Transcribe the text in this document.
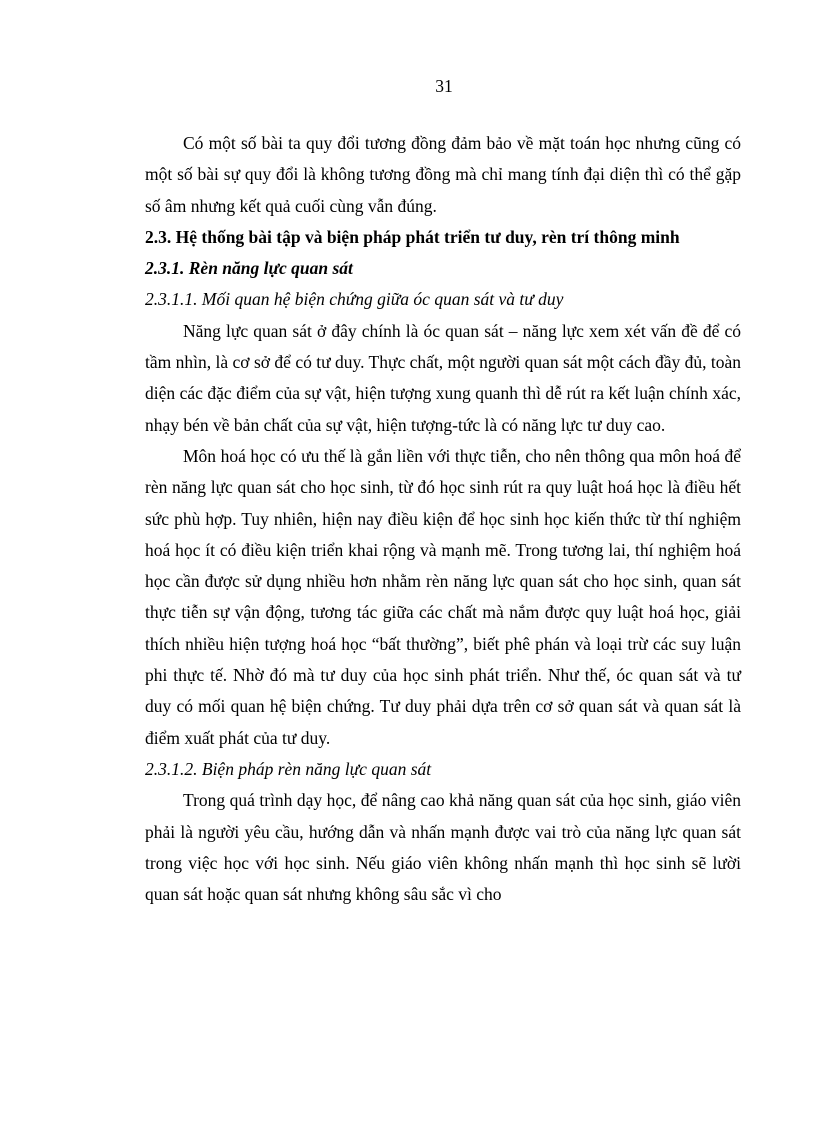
31

Có một số bài ta quy đổi tương đồng đảm bảo về mặt toán học nhưng cũng có một số bài sự quy đổi là không tương đồng mà chỉ mang tính đại diện thì có thể gặp số âm nhưng kết quả cuối cùng vẫn đúng.

2.3. Hệ thống bài tập và biện pháp phát triển tư duy, rèn trí thông minh

2.3.1. Rèn năng lực quan sát

2.3.1.1. Mối quan hệ biện chứng giữa óc quan sát và tư duy

Năng lực quan sát ở đây chính là óc quan sát – năng lực xem xét vấn đề để có tầm nhìn, là cơ sở để có tư duy. Thực chất, một người quan sát một cách đầy đủ, toàn diện các đặc điểm của sự vật, hiện tượng xung quanh thì dễ rút ra kết luận chính xác, nhạy bén về bản chất của sự vật, hiện tượng-tức là có năng lực tư duy cao.

Môn hoá học có ưu thế là gắn liền với thực tiễn, cho nên thông qua môn hoá để rèn năng lực quan sát cho học sinh, từ đó học sinh rút ra quy luật hoá học là điều hết sức phù hợp. Tuy nhiên, hiện nay điều kiện để học sinh học kiến thức từ thí nghiệm hoá học ít có điều kiện triển khai rộng và mạnh mẽ. Trong tương lai, thí nghiệm hoá học cần được sử dụng nhiều hơn nhằm rèn năng lực quan sát cho học sinh, quan sát thực tiễn sự vận động, tương tác giữa các chất mà nắm được quy luật hoá học, giải thích nhiều hiện tượng hoá học “bất thường”, biết phê phán và loại trừ các suy luận phi thực tế. Nhờ đó mà tư duy của học sinh phát triển. Như thế, óc quan sát và tư duy có mối quan hệ biện chứng. Tư duy phải dựa trên cơ sở quan sát và quan sát là điểm xuất phát của tư duy.

2.3.1.2. Biện pháp rèn năng lực quan sát

Trong quá trình dạy học, để nâng cao khả năng quan sát của học sinh, giáo viên phải là người yêu cầu, hướng dẫn và nhấn mạnh được vai trò của năng lực quan sát trong việc học với học sinh. Nếu giáo viên không nhấn mạnh thì học sinh sẽ lười quan sát hoặc quan sát nhưng không sâu sắc vì cho
